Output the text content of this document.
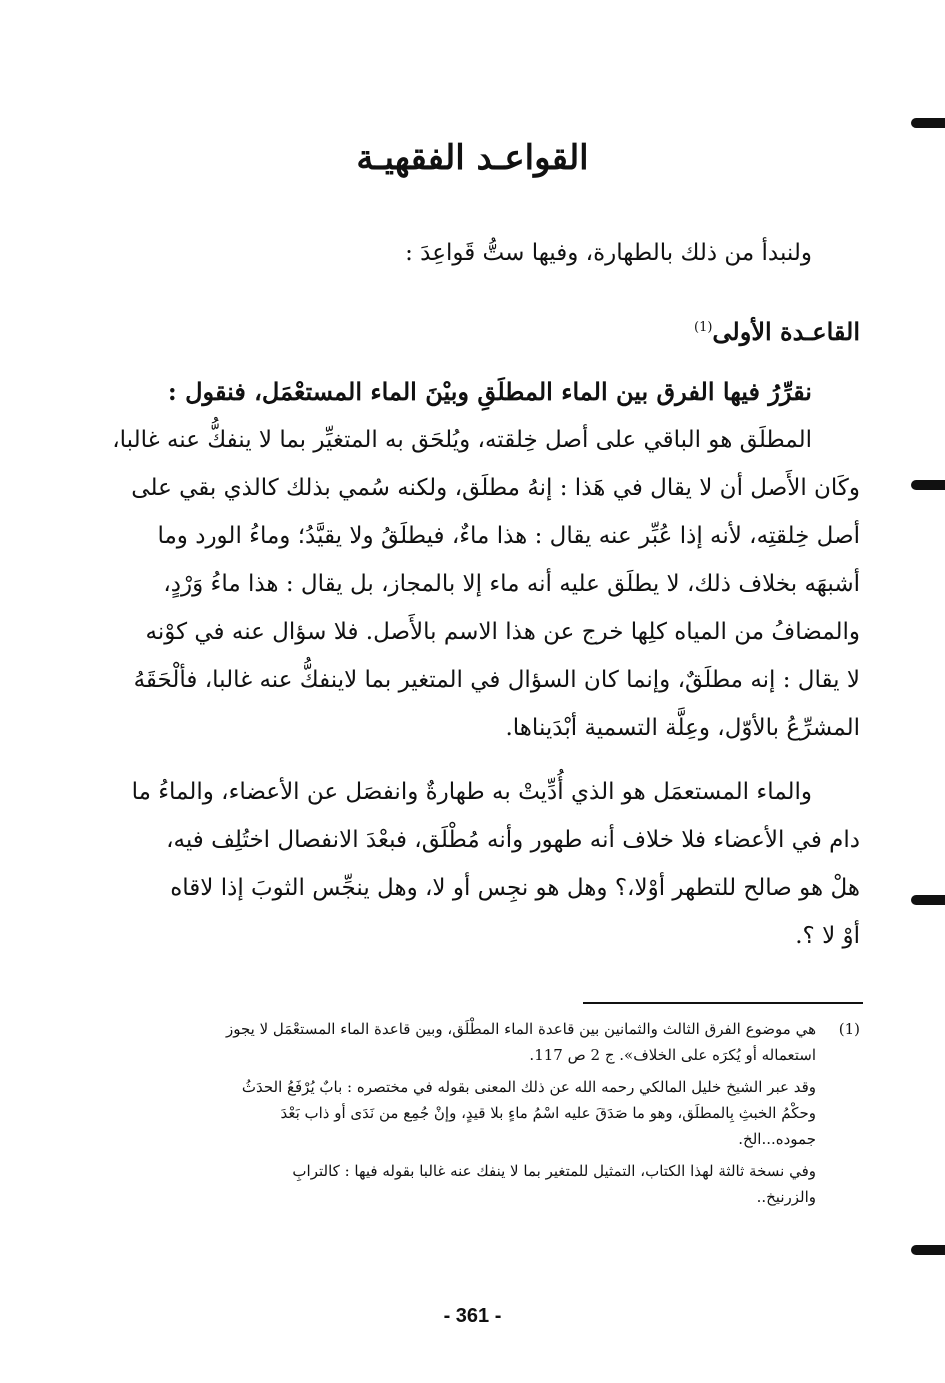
القواعـد الفقهيـة
ولنبدأ من ذلك بالطهارة، وفيها ستُّ قَواعِدَ :
القاعـدة الأولى$^{(1)}$
نقرِّرُ فيها الفرق بين الماء المطلَقِ وبيْنَ الماء المستعْمَل، فنقول :
المطلَق هو الباقي على أصل خِلقته، ويُلحَق به المتغيِّر بما لا ينفكُّ عنه غالبا،
وكَان الأَصل أن لا يقال في هَذا : إنهُ مطلَق، ولكنه سُمي بذلك كالذي بقي على
أصل خِلقتِه، لأنه إذا عُبِّر عنه يقال : هذا ماءٌ، فيطلَقُ ولا يقيَّدُ؛ وماءُ الورد وما
أشبهَه بخلاف ذلك، لا يطلَق عليه أنه ماء إلا بالمجاز، بل يقال : هذا ماءُ وَرْدٍ،
والمضافُ من المياه كلِها خرج عن هذا الاسم بالأَصل. فلا سؤال عنه في كوْنه
لا يقال : إنه مطلَقٌ، وإنما كان السؤال في المتغير بما لاينفكُّ عنه غالبا، فألْحَقَهُ
المشرِّعُ بالأوّل، وعِلَّة التسمية أبْدَيناها.
والماء المستعمَل هو الذي أُدِّيتْ به طهارةٌ وانفصَل عن الأعضاء، والماءُ ما
دام في الأعضاء فلا خلاف أنه طهور وأنه مُطْلَق، فبعْدَ الانفصال اختُلِف فيه،
هلْ هو صالح للتطهر أوْلا،؟ وهل هو نجِس أو لا، وهل ينجِّس الثوبَ إذا لاقاه
أوْ لا ؟.
(1)
هي موضوع الفرق الثالث والثمانين بين قاعدة الماء المطْلَق، وبين قاعدة الماء المستعْمَل لا يجوز
استعماله أو يُكرَه على الخلاف». ج 2 ص 117.
وقد عبر الشيخ خليل المالكي رحمه الله عن ذلك المعنى بقوله في مختصره : بابٌ يُرْفَعُ الحدَثُ
وحكْمُ الخبثِ بِالمطلَق، وهو ما صَدَقَ عليه اسْمُ ماءٍ بلا قيدٍ، وإنْ جُمِع من نَدَى أو ذاب بَعْدَ
جموده...الخ.
وفي نسخة ثالثة لهذا الكتاب، التمثيل للمتغير بما لا ينفك عنه غالبا بقوله فيها : كالترابِ
والزرنيخ..
- 361 -
